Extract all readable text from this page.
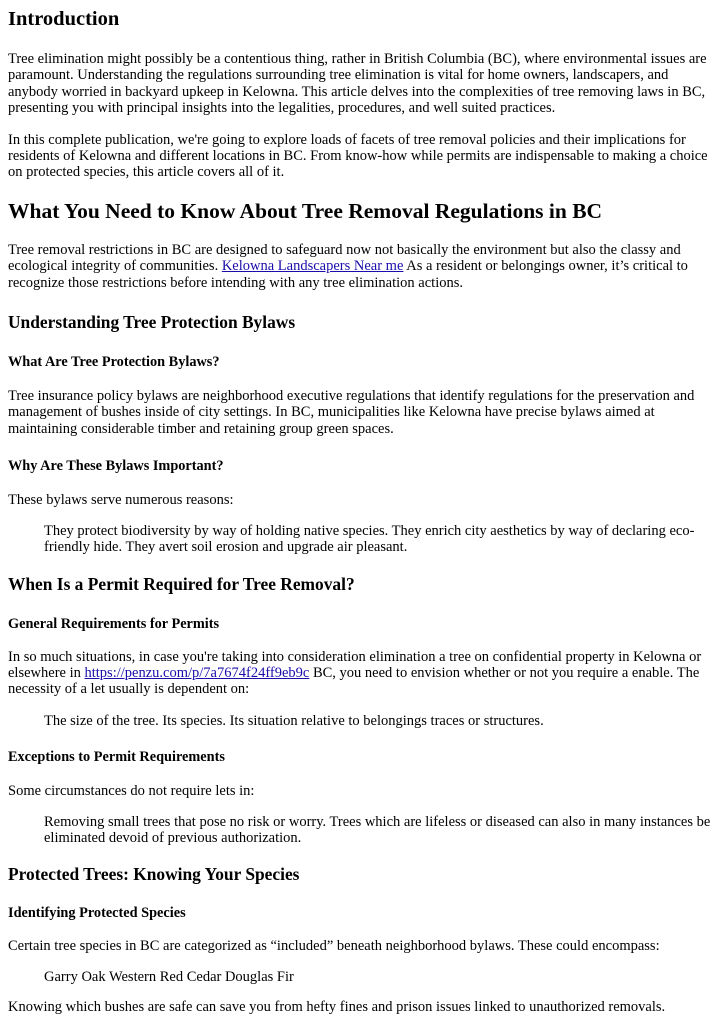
Introduction

Tree elimination might possibly be a contentious thing, rather in British Columbia (BC), where environmental issues are paramount. Understanding the regulations surrounding tree elimination is vital for home owners, landscapers, and anybody worried in backyard upkeep in Kelowna. This article delves into the complexities of tree removing laws in BC, presenting you with principal insights into the legalities, procedures, and well suited practices.

In this complete publication, we're going to explore loads of facets of tree removal policies and their implications for residents of Kelowna and different locations in BC. From know-how while permits are indispensable to making a choice on protected species, this article covers all of it.

What You Need to Know About Tree Removal Regulations in BC

Tree removal restrictions in BC are designed to safeguard now not basically the environment but also the classy and ecological integrity of communities. Kelowna Landscapers Near me As a resident or belongings owner, it’s critical to recognize those restrictions before intending with any tree elimination actions.

Understanding Tree Protection Bylaws
What Are Tree Protection Bylaws?

Tree insurance policy bylaws are neighborhood executive regulations that identify regulations for the preservation and management of bushes inside of city settings. In BC, municipalities like Kelowna have precise bylaws aimed at maintaining considerable timber and retaining group green spaces.

Why Are These Bylaws Important?

These bylaws serve numerous reasons:

They protect biodiversity by way of holding native species. They enrich city aesthetics by way of declaring eco-friendly hide. They avert soil erosion and upgrade air pleasant.

When Is a Permit Required for Tree Removal?
General Requirements for Permits

In so much situations, in case you're taking into consideration elimination a tree on confidential property in Kelowna or elsewhere in https://penzu.com/p/7a7674f24ff9eb9c BC, you need to envision whether or not you require a enable. The necessity of a let usually is dependent on:

The size of the tree. Its species. Its situation relative to belongings traces or structures.

Exceptions to Permit Requirements

Some circumstances do not require lets in:

Removing small trees that pose no risk or worry. Trees which are lifeless or diseased can also in many instances be eliminated devoid of previous authorization.

Protected Trees: Knowing Your Species
Identifying Protected Species

Certain tree species in BC are categorized as “included” beneath neighborhood bylaws. These could encompass:

Garry Oak Western Red Cedar Douglas Fir

Knowing which bushes are safe can save you from hefty fines and prison issues linked to unauthorized removals.
